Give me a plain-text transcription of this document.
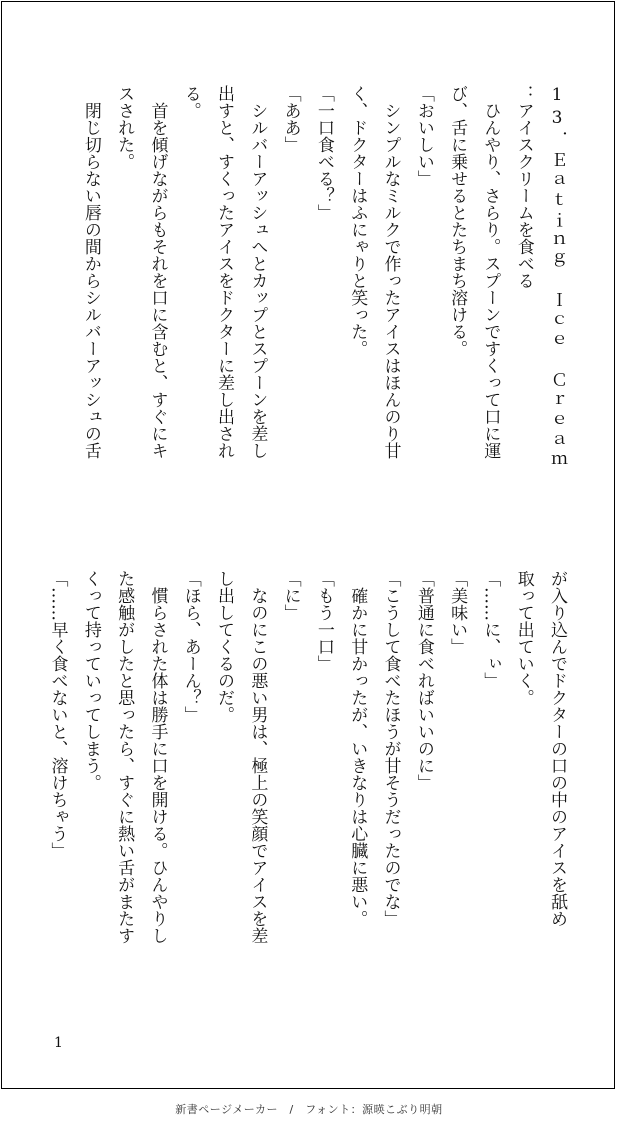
13．Ｅａｔｉｎｇ　Ｉｃｅ　Ｃｒｅａｍ
：アイスクリームを食べる
　ひんやり、さらり。スプーンですくって口に運
び、舌に乗せるとたちまち溶ける。
「おいしい」
　シンプルなミルクで作ったアイスはほんのり甘
く、ドクターはふにゃりと笑った。
「一口食べる？」
「ああ」
　シルバーアッシュへとカップとスプーンを差し
出すと、すくったアイスをドクターに差し出され
る。
　首を傾げながらもそれを口に含むと、すぐにキ
スされた。
　閉じ切らない唇の間からシルバーアッシュの舌
が入り込んでドクターの口の中のアイスを舐め
取って出ていく。
「……に、ぃ」
「美味い」
「普通に食べればいいのに」
「こうして食べたほうが甘そうだったのでな」
　確かに甘かったが、いきなりは心臓に悪い。
「もう一口」
「に」
　なのにこの悪い男は、極上の笑顔でアイスを差
し出してくるのだ。
「ほら、あーん？」
　慣らされた体は勝手に口を開ける。ひんやりし
た感触がしたと思ったら、すぐに熱い舌がまたす
くって持っていってしまう。
「……早く食べないと、溶けちゃう」
1
新書ページメーカー　/　フォント：源暎こぶり明朝
